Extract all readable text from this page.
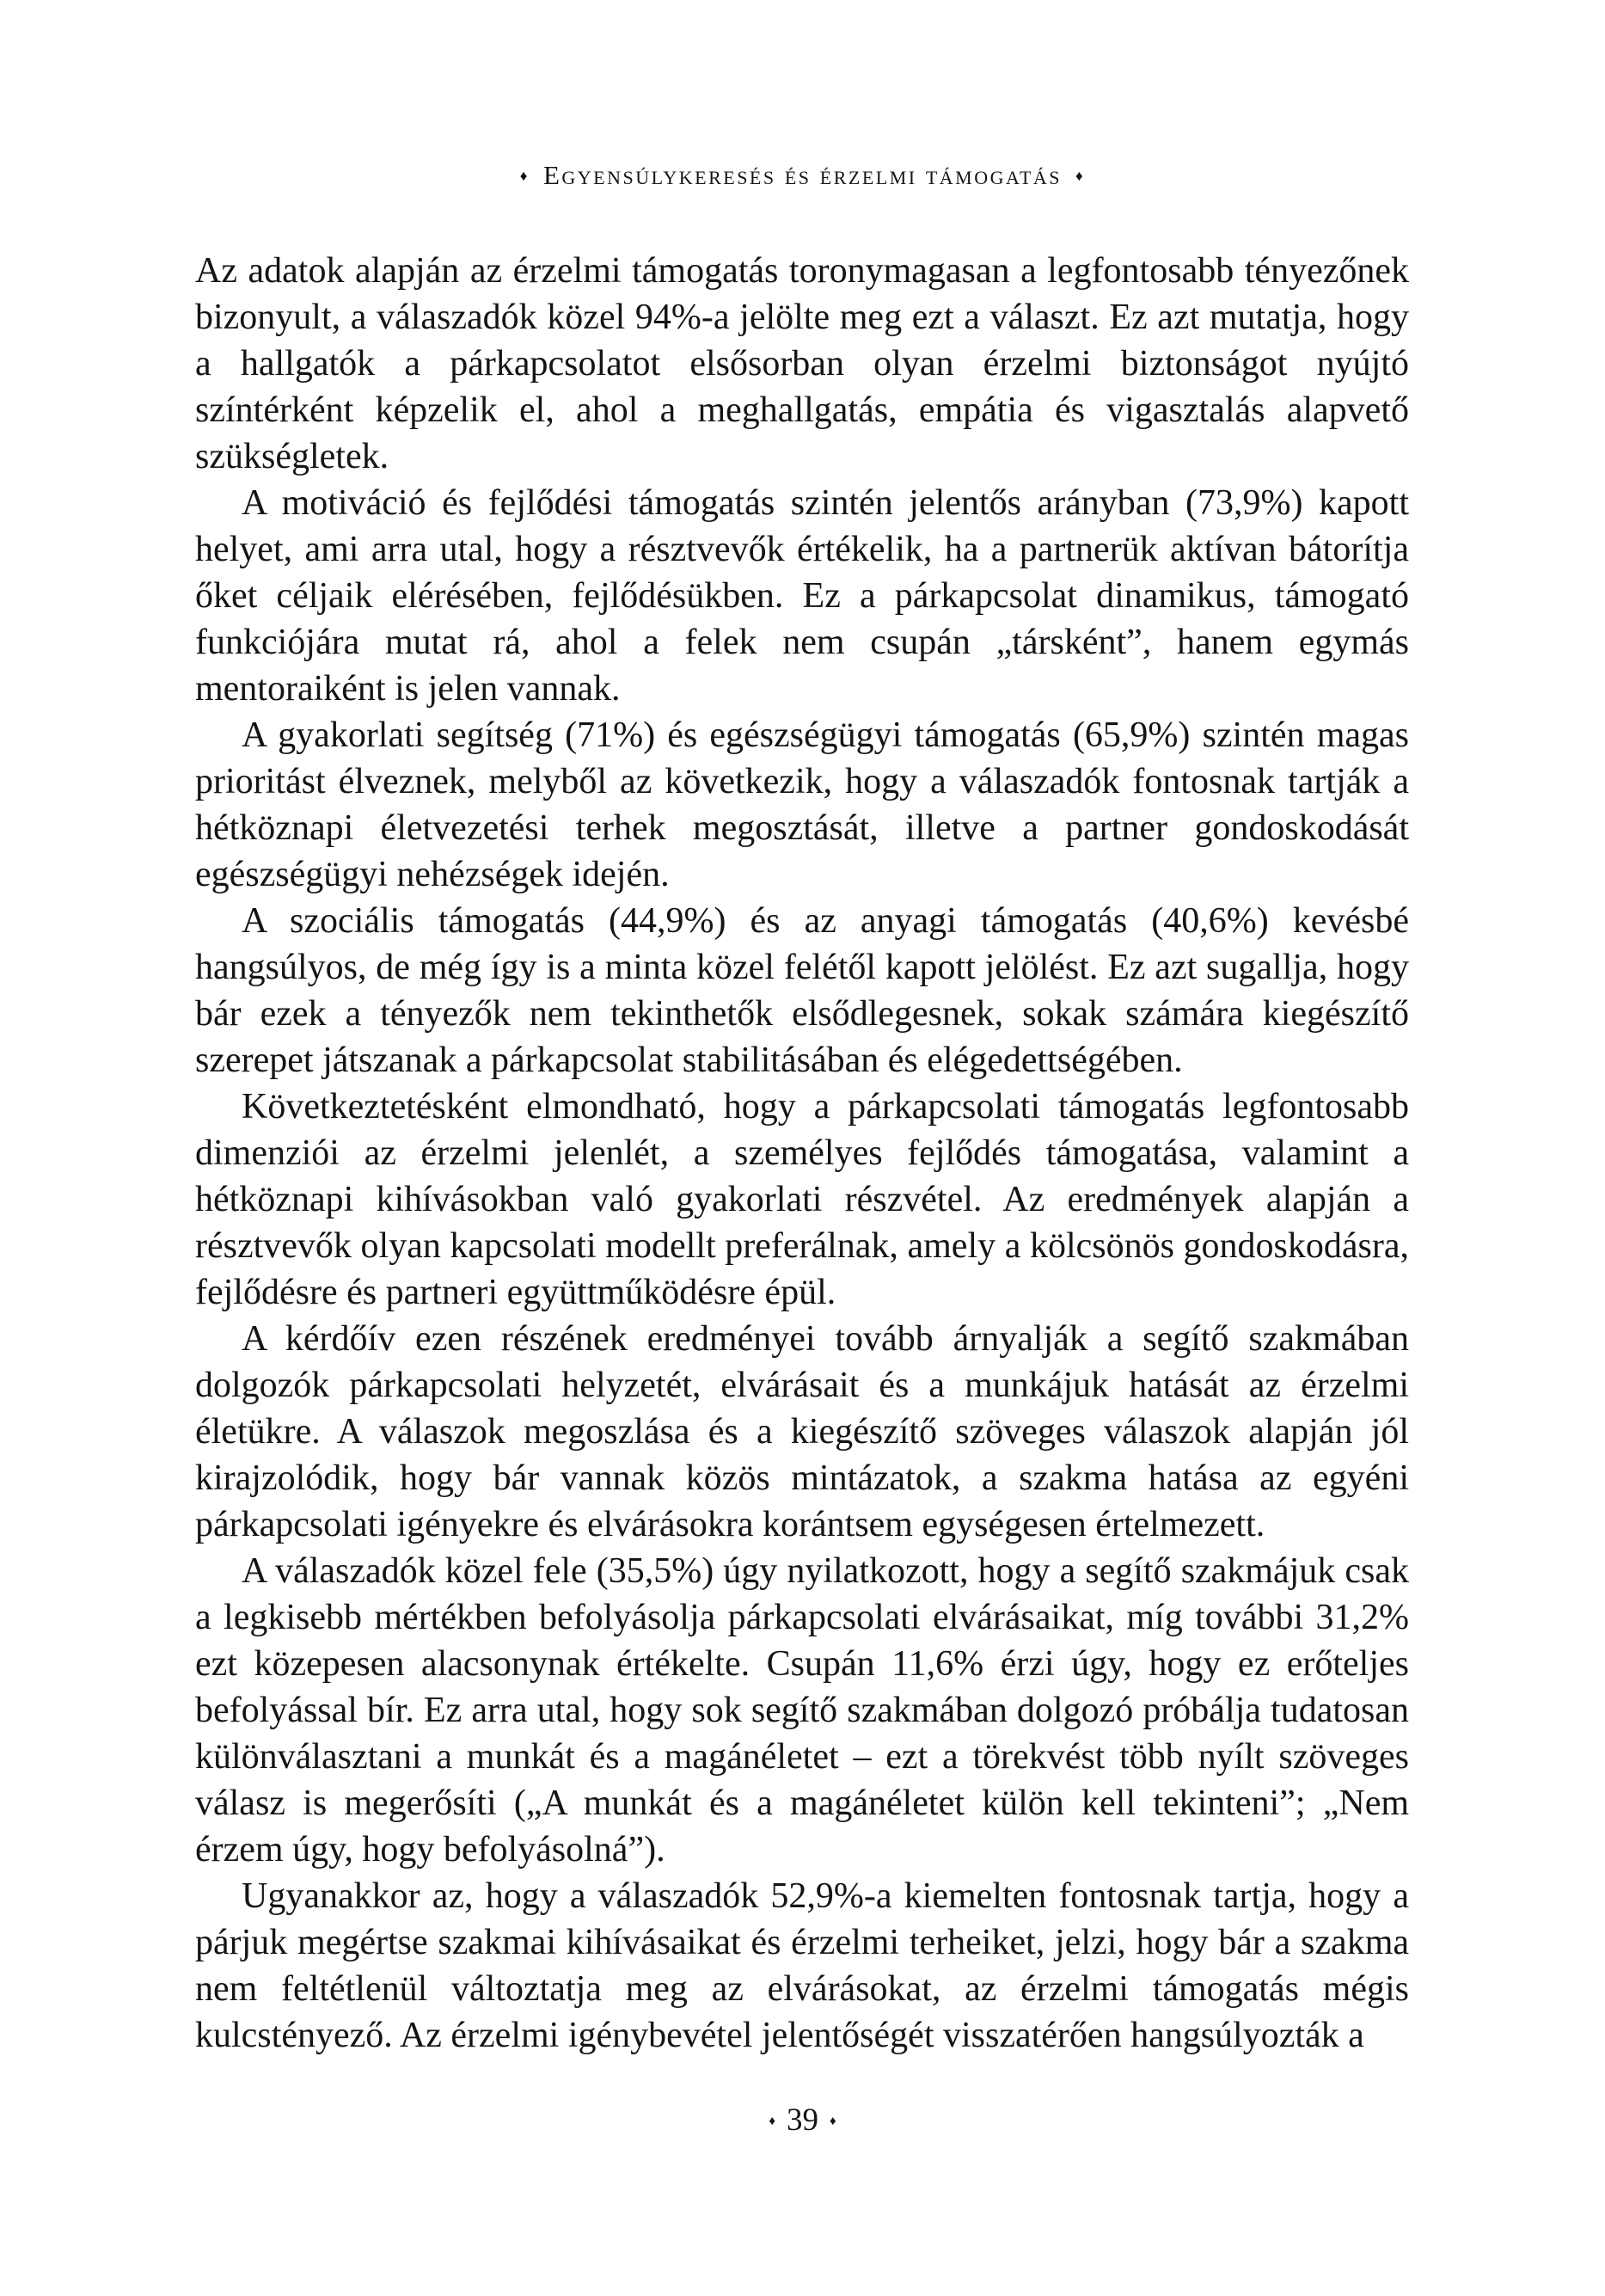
♦ Egyensúlykeresés és érzelmi támogatás ♦

Az adatok alapján az érzelmi támogatás toronymagasan a legfontosabb tényezőnek bizonyult, a válaszadók közel 94%-a jelölte meg ezt a választ. Ez azt mutatja, hogy a hallgatók a párkapcsolatot elsősorban olyan érzelmi biztonságot nyújtó színtérként képzelik el, ahol a meghallgatás, empátia és vigasztalás alapvető szükségletek.

A motiváció és fejlődési támogatás szintén jelentős arányban (73,9%) kapott helyet, ami arra utal, hogy a résztvevők értékelik, ha a partnerük aktívan bátorítja őket céljaik elérésében, fejlődésükben. Ez a párkapcsolat dinamikus, támogató funkciójára mutat rá, ahol a felek nem csupán „társként”, hanem egymás mentoraiként is jelen vannak.

A gyakorlati segítség (71%) és egészségügyi támogatás (65,9%) szintén magas prioritást élveznek, melyből az következik, hogy a válaszadók fontosnak tartják a hétköznapi életvezetési terhek megosztását, illetve a partner gondoskodását egészségügyi nehézségek idején.

A szociális támogatás (44,9%) és az anyagi támogatás (40,6%) kevésbé hangsúlyos, de még így is a minta közel felétől kapott jelölést. Ez azt sugallja, hogy bár ezek a tényezők nem tekinthetők elsődlegesnek, sokak számára kiegészítő szerepet játszanak a párkapcsolat stabilitásában és elégedettségében.

Következtetésként elmondható, hogy a párkapcsolati támogatás legfontosabb dimenziói az érzelmi jelenlét, a személyes fejlődés támogatása, valamint a hétköznapi kihívásokban való gyakorlati részvétel. Az eredmények alapján a résztvevők olyan kapcsolati modellt preferálnak, amely a kölcsönös gondoskodásra, fejlődésre és partneri együttműködésre épül.

A kérdőív ezen részének eredményei tovább árnyalják a segítő szakmában dolgozók párkapcsolati helyzetét, elvárásait és a munkájuk hatását az érzelmi életükre. A válaszok megoszlása és a kiegészítő szöveges válaszok alapján jól kirajzolódik, hogy bár vannak közös mintázatok, a szakma hatása az egyéni párkapcsolati igényekre és elvárásokra korántsem egységesen értelmezett.

A válaszadók közel fele (35,5%) úgy nyilatkozott, hogy a segítő szakmájuk csak a legkisebb mértékben befolyásolja párkapcsolati elvárásaikat, míg további 31,2% ezt közepesen alacsonynak értékelte. Csupán 11,6% érzi úgy, hogy ez erőteljes befolyással bír. Ez arra utal, hogy sok segítő szakmában dolgozó próbálja tudatosan különválasztani a munkát és a magánéletet – ezt a törekvést több nyílt szöveges válasz is megerősíti („A munkát és a magánéletet külön kell tekinteni”; „Nem érzem úgy, hogy befolyásolná”).

Ugyanakkor az, hogy a válaszadók 52,9%-a kiemelten fontosnak tartja, hogy a párjuk megértse szakmai kihívásaikat és érzelmi terheiket, jelzi, hogy bár a szakma nem feltétlenül változtatja meg az elvárásokat, az érzelmi támogatás mégis kulcstényező. Az érzelmi igénybevétel jelentőségét visszatérően hangsúlyozták a

♦ 39 ♦
